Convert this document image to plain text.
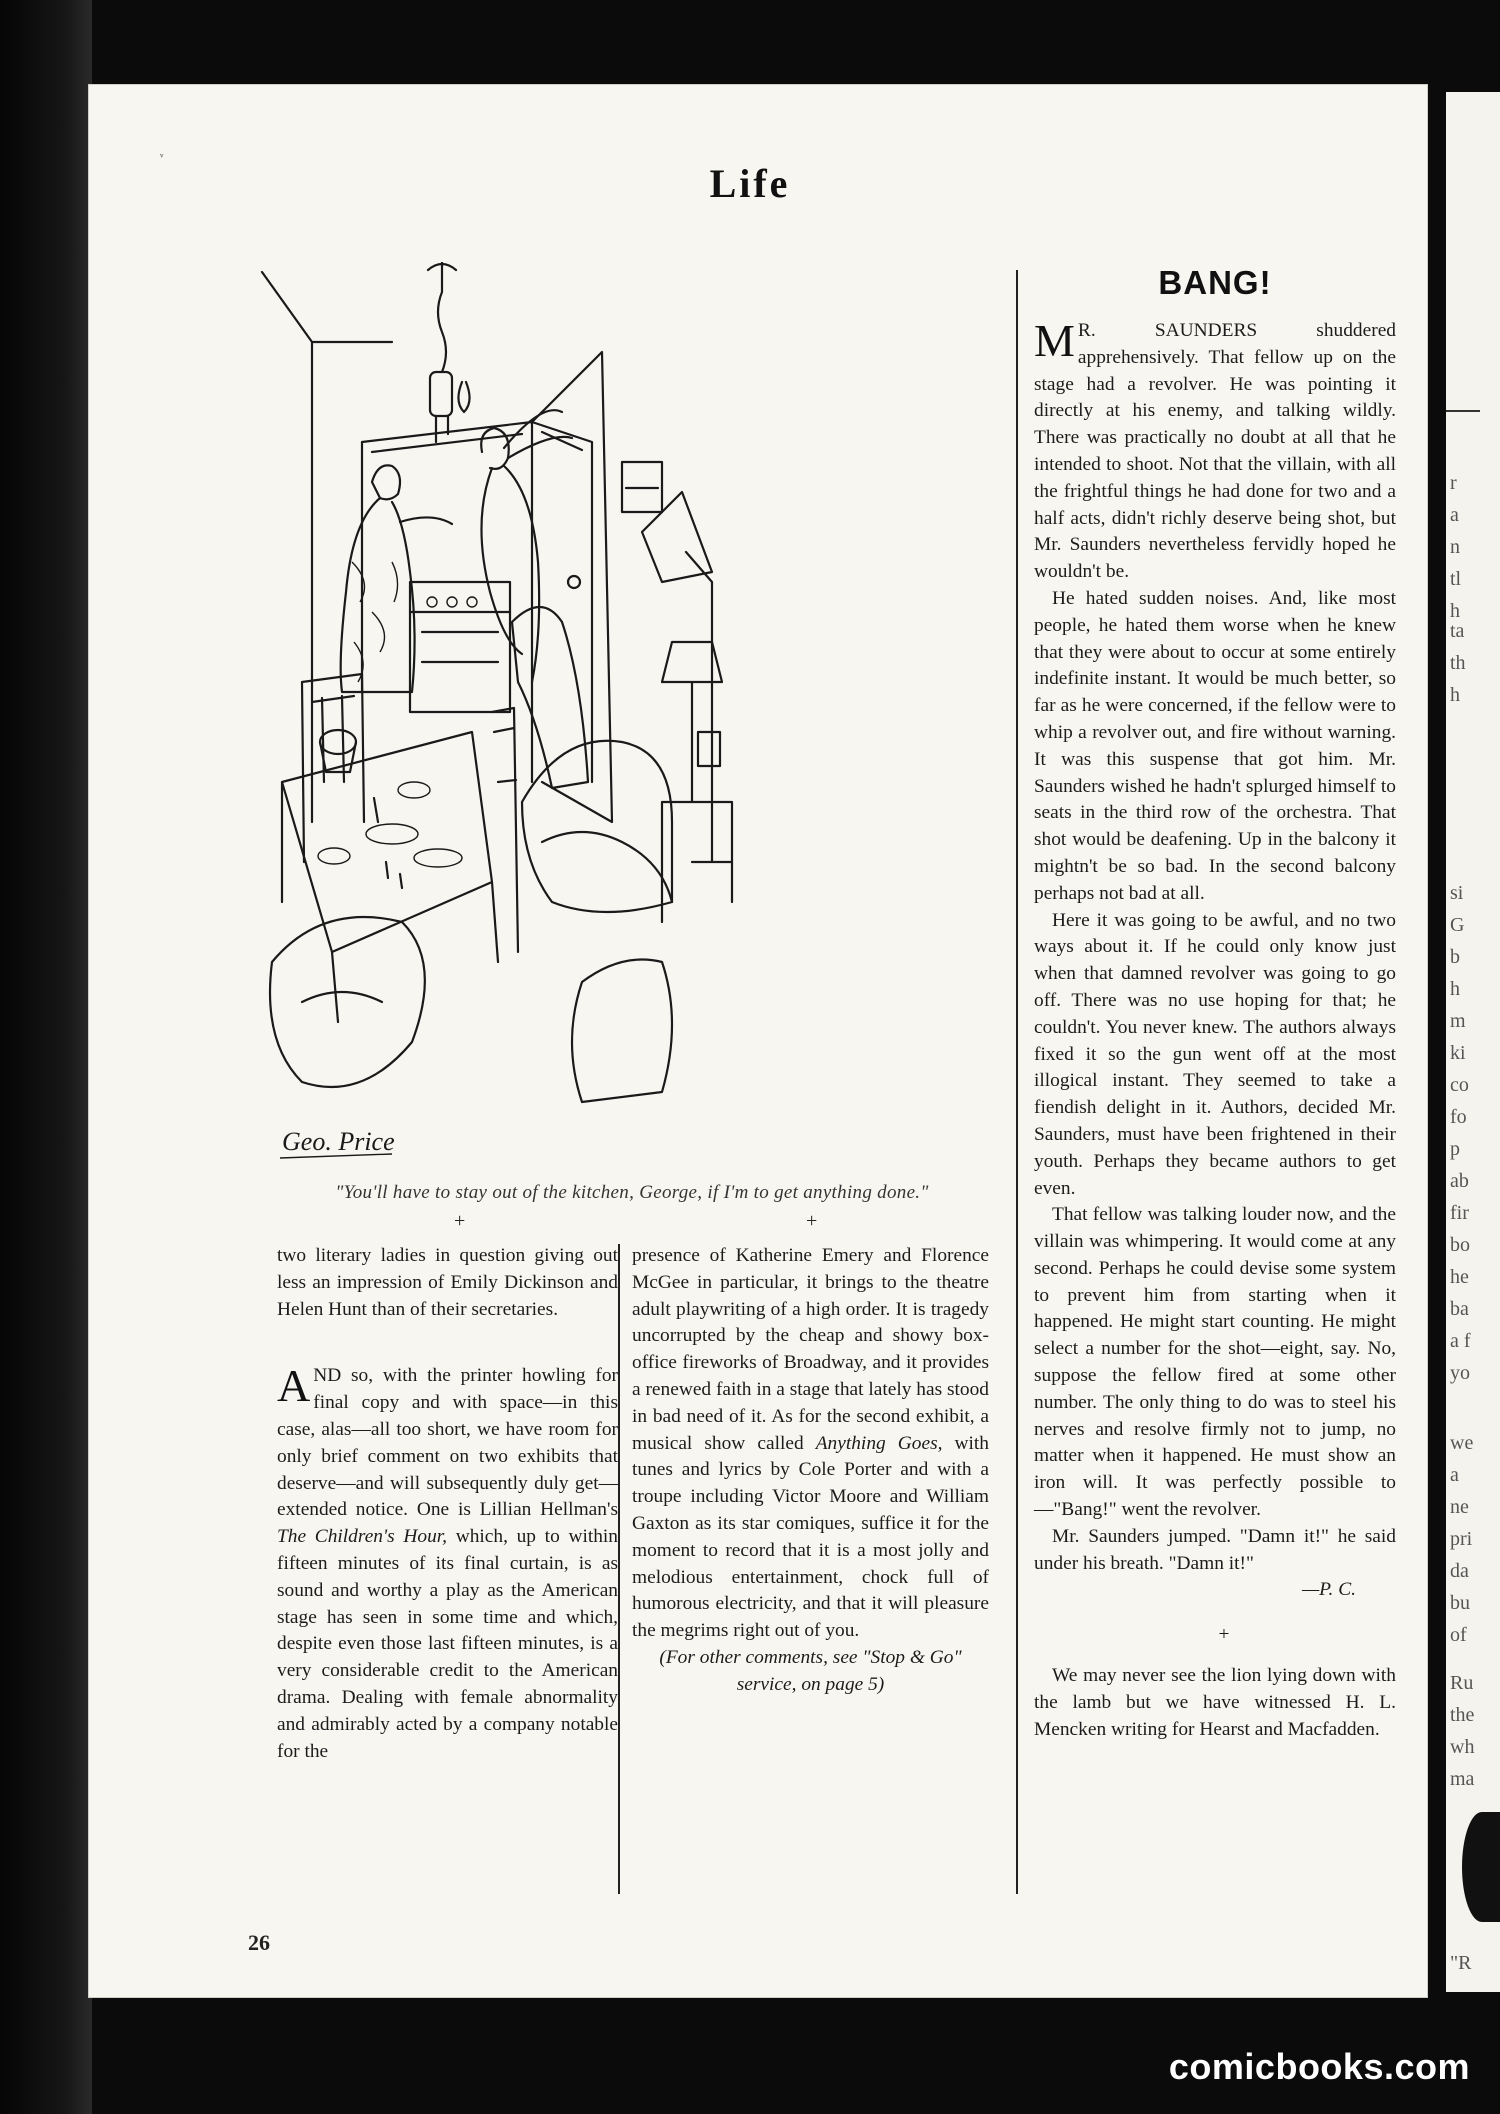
r
a
n
tl
h
ta
th
h
si
G
b
h
m
ki
co
fo
p
ab
fir
bo
he
ba
a f
yo
we
a
ne
pri
da
bu
of
Ru
the
wh
ma
"R
ᵛ
Life
Geo. Price
"You'll have to stay out of the kitchen, George, if I'm to get anything done."
+	+

two literary ladies in question giving out less an impression of Emily Dickinson and Helen Hunt than of their secretaries.

AND so, with the printer howling for final copy and with space—in this case, alas—all too short, we have room for only brief comment on two exhibits that deserve—and will subsequently duly get—extended notice. One is Lillian Hellman's The Children's Hour, which, up to within fifteen minutes of its final curtain, is as sound and worthy a play as the American stage has seen in some time and which, despite even those last fifteen minutes, is a very considerable credit to the American drama. Dealing with female abnormality and admirably acted by a company notable for the

presence of Katherine Emery and Florence McGee in particular, it brings to the theatre adult playwriting of a high order. It is tragedy uncorrupted by the cheap and showy box-office fireworks of Broadway, and it provides a renewed faith in a stage that lately has stood in bad need of it. As for the second exhibit, a musical show called Anything Goes, with tunes and lyrics by Cole Porter and with a troupe including Victor Moore and William Gaxton as its star comiques, suffice it for the moment to record that it is a most jolly and melodious entertainment, chock full of humorous electricity, and that it will pleasure the megrims right out of you.

(For other comments, see "Stop & Go" service, on page 5)

BANG!

M R. SAUNDERS shuddered apprehensively. That fellow up on the stage had a revolver. He was pointing it directly at his enemy, and talking wildly. There was practically no doubt at all that he intended to shoot. Not that the villain, with all the frightful things he had done for two and a half acts, didn't richly deserve being shot, but Mr. Saunders nevertheless fervidly hoped he wouldn't be.

He hated sudden noises. And, like most people, he hated them worse when he knew that they were about to occur at some entirely indefinite instant. It would be much better, so far as he were concerned, if the fellow were to whip a revolver out, and fire without warning. It was this suspense that got him. Mr. Saunders wished he hadn't splurged himself to seats in the third row of the orchestra. That shot would be deafening. Up in the balcony it mightn't be so bad. In the second balcony perhaps not bad at all.

Here it was going to be awful, and no two ways about it. If he could only know just when that damned revolver was going to go off. There was no use hoping for that; he couldn't. You never knew. The authors always fixed it so the gun went off at the most illogical instant. They seemed to take a fiendish delight in it. Authors, decided Mr. Saunders, must have been frightened in their youth. Perhaps they became authors to get even.

That fellow was talking louder now, and the villain was whimpering. It would come at any second. Perhaps he could devise some system to prevent him from starting when it happened. He might start counting. He might select a number for the shot—eight, say. No, suppose the fellow fired at some other number. The only thing to do was to steel his nerves and resolve firmly not to jump, no matter when it happened. He must show an iron will. It was perfectly possible to—"Bang!" went the revolver.

Mr. Saunders jumped. "Damn it!" he said under his breath. "Damn it!"

—P. C.

+

We may never see the lion lying down with the lamb but we have witnessed H. L. Mencken writing for Hearst and Macfadden.

26
comicbooks.com
